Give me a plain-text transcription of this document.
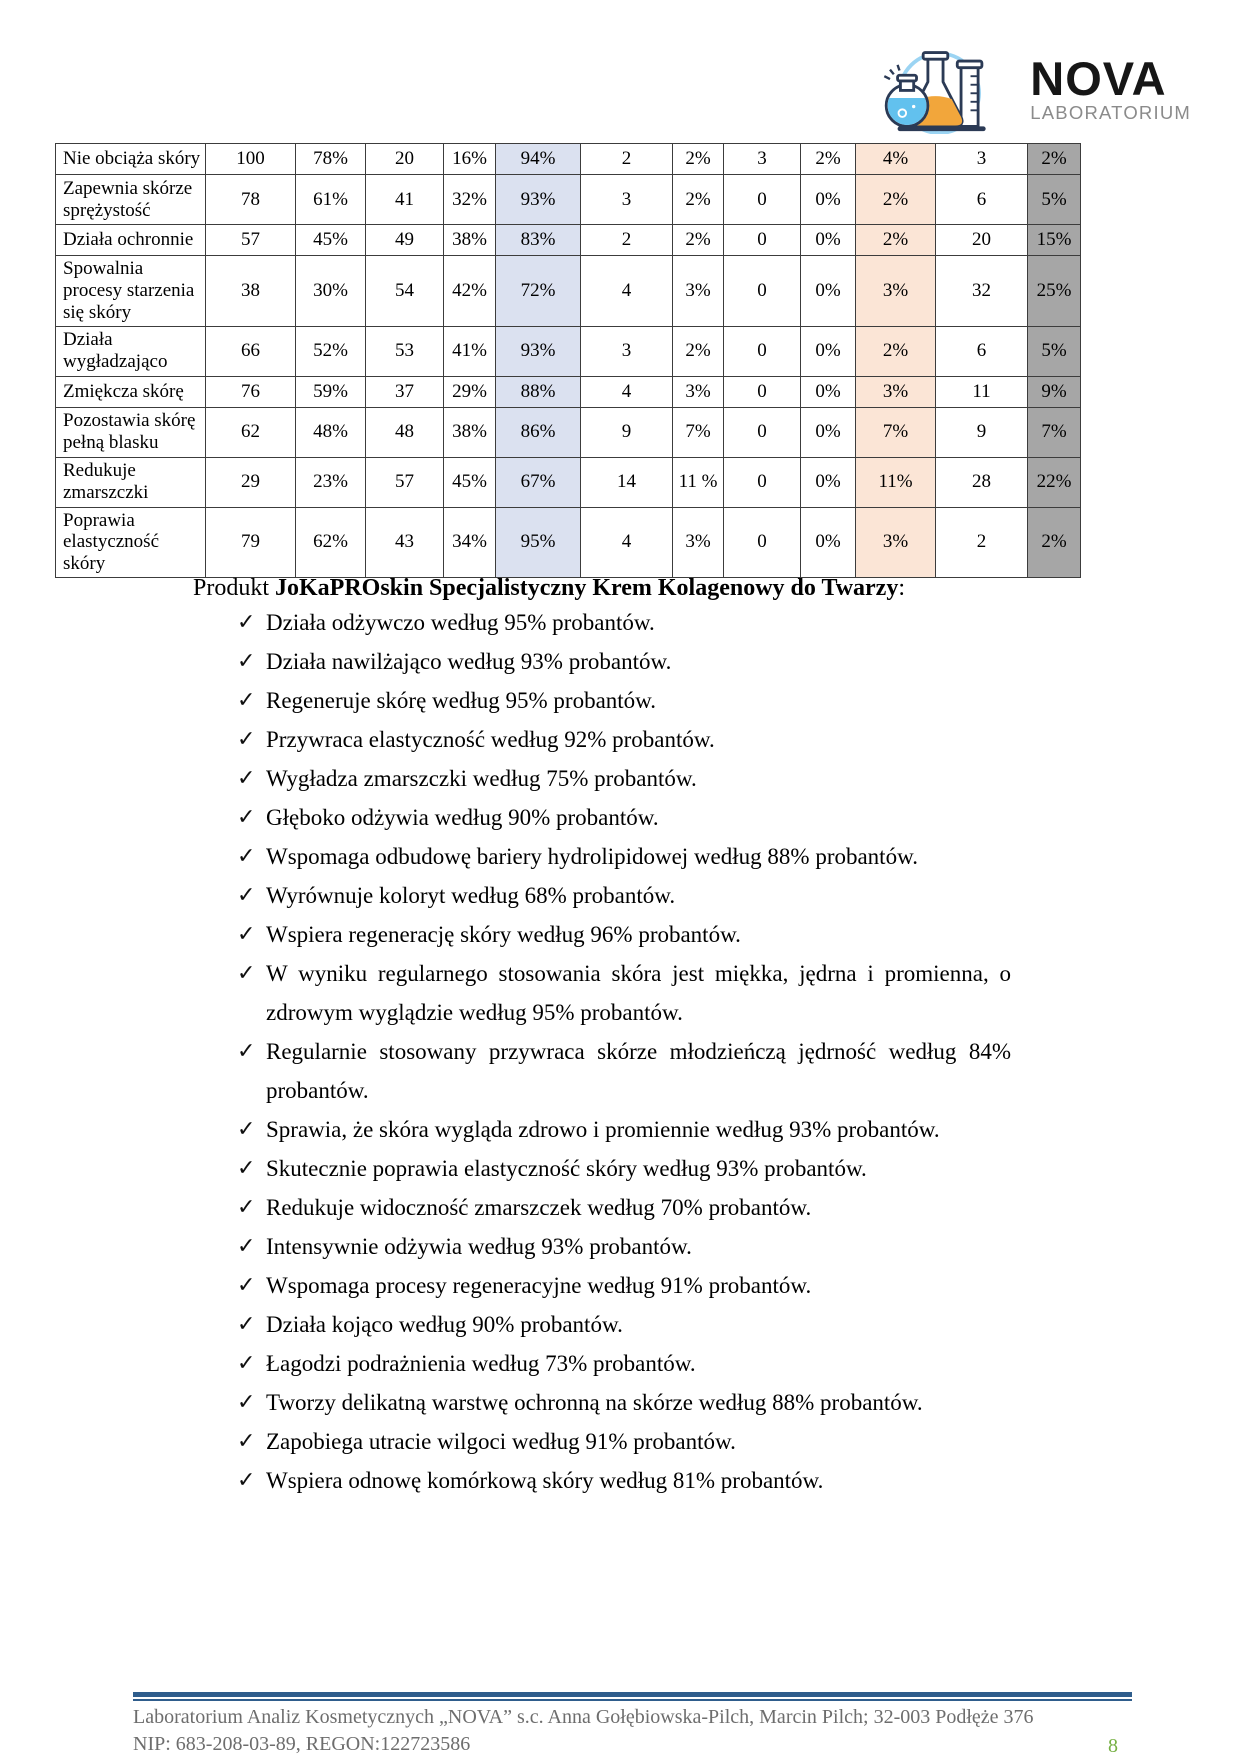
NOVA
LABORATORIUM
Nie obciąża skóry	100	78%	20	16%	94%	2	2%	3	2%	4%	3	2%
Zapewnia skórze sprężystość	78	61%	41	32%	93%	3	2%	0	0%	2%	6	5%
Działa ochronnie	57	45%	49	38%	83%	2	2%	0	0%	2%	20	15%
Spowalnia procesy starzenia się skóry	38	30%	54	42%	72%	4	3%	0	0%	3%	32	25%
Działa wygładzająco	66	52%	53	41%	93%	3	2%	0	0%	2%	6	5%
Zmiękcza skórę	76	59%	37	29%	88%	4	3%	0	0%	3%	11	9%
Pozostawia skórę pełną blasku	62	48%	48	38%	86%	9	7%	0	0%	7%	9	7%
Redukuje zmarszczki	29	23%	57	45%	67%	14	11 %	0	0%	11%	28	22%
Poprawia elastyczność skóry	79	62%	43	34%	95%	4	3%	0	0%	3%	2	2%
Produkt JoKaPROskin Specjalistyczny Krem Kolagenowy do Twarzy:
✓ Działa odżywczo według 95% probantów.
✓ Działa nawilżająco według 93% probantów.
✓ Regeneruje skórę według 95% probantów.
✓ Przywraca elastyczność według 92% probantów.
✓ Wygładza zmarszczki według 75% probantów.
✓ Głęboko odżywia według 90% probantów.
✓ Wspomaga odbudowę bariery hydrolipidowej według 88% probantów.
✓ Wyrównuje koloryt według 68% probantów.
✓ Wspiera regenerację skóry według 96% probantów.
✓ W wyniku regularnego stosowania skóra jest miękka, jędrna i promienna, o zdrowym wyglądzie według 95% probantów.
✓ Regularnie stosowany przywraca skórze młodzieńczą jędrność według 84% probantów.
✓ Sprawia, że skóra wygląda zdrowo i promiennie według 93% probantów.
✓ Skutecznie poprawia elastyczność skóry według 93% probantów.
✓ Redukuje widoczność zmarszczek według 70% probantów.
✓ Intensywnie odżywia według 93% probantów.
✓ Wspomaga procesy regeneracyjne według 91% probantów.
✓ Działa kojąco według 90% probantów.
✓ Łagodzi podrażnienia według 73% probantów.
✓ Tworzy delikatną warstwę ochronną na skórze według 88% probantów.
✓ Zapobiega utracie wilgoci według 91% probantów.
✓ Wspiera odnowę komórkową skóry według 81% probantów.
Laboratorium Analiz Kosmetycznych „NOVA” s.c. Anna Gołębiowska-Pilch, Marcin Pilch; 32-003 Podłęże 376
NIP: 683-208-03-89, REGON:122723586	8
